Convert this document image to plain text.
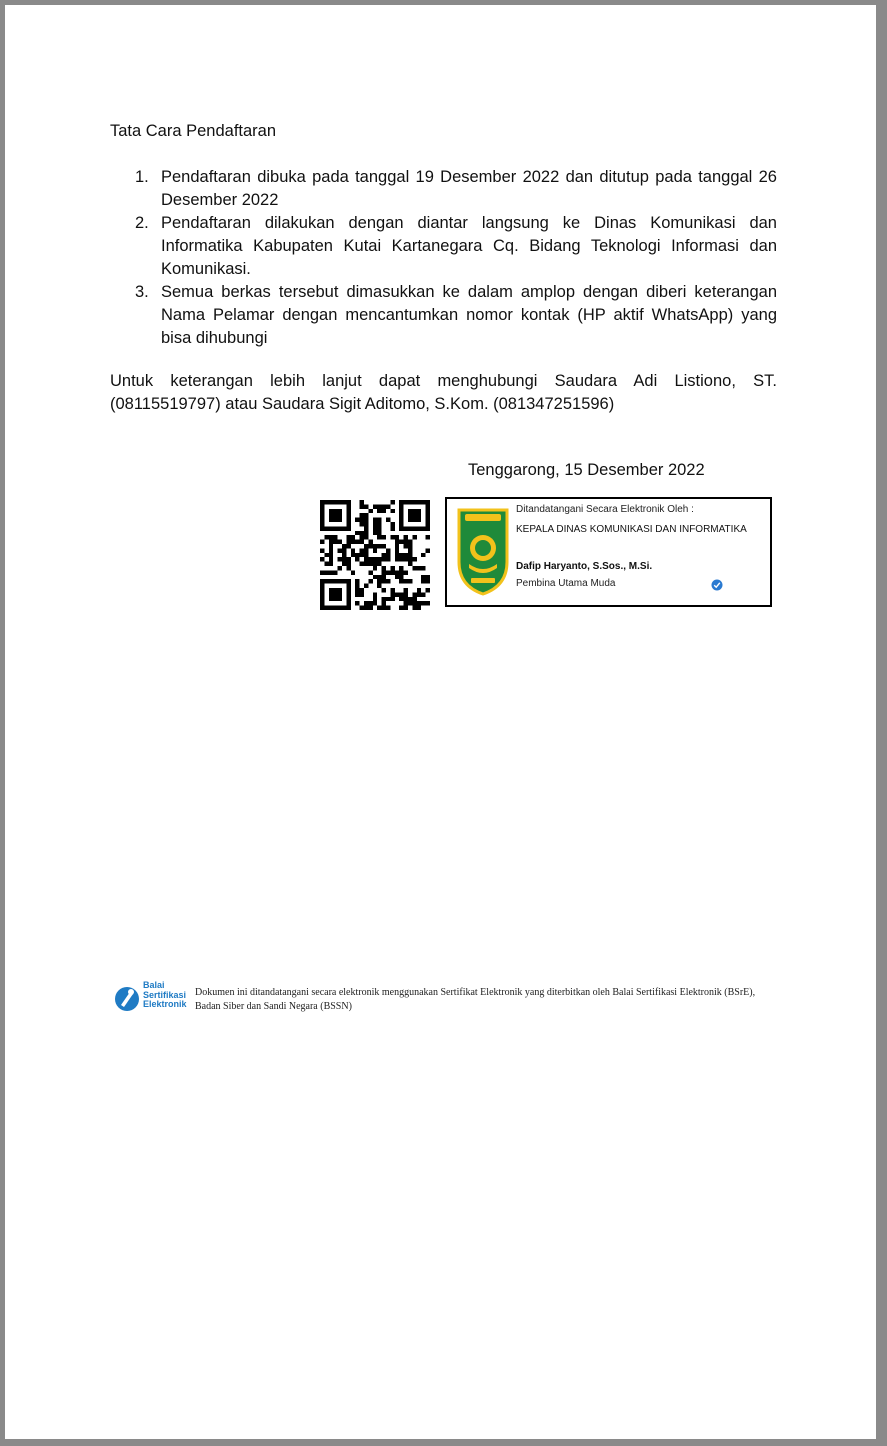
Tata Cara Pendaftaran
1. Pendaftaran dibuka pada tanggal 19 Desember 2022 dan ditutup pada tanggal 26 Desember 2022
2. Pendaftaran dilakukan dengan diantar langsung ke Dinas Komunikasi dan Informatika Kabupaten Kutai Kartanegara Cq. Bidang Teknologi Informasi dan Komunikasi.
3. Semua berkas tersebut dimasukkan ke dalam amplop dengan diberi keterangan Nama Pelamar dengan mencantumkan nomor kontak (HP aktif WhatsApp) yang bisa dihubungi
Untuk keterangan lebih lanjut dapat menghubungi Saudara Adi Listiono, ST. (08115519797) atau Saudara Sigit Aditomo, S.Kom. (081347251596)
Tenggarong, 15 Desember 2022
Ditandatangani Secara Elektronik Oleh :
KEPALA DINAS KOMUNIKASI DAN INFORMATIKA
Dafip Haryanto, S.Sos., M.Si.
Pembina Utama Muda
Balai
Sertifikasi
Elektronik
Dokumen ini ditandatangani secara elektronik menggunakan Sertifikat Elektronik yang diterbitkan oleh Balai Sertifikasi Elektronik (BSrE), Badan Siber dan Sandi Negara (BSSN)
